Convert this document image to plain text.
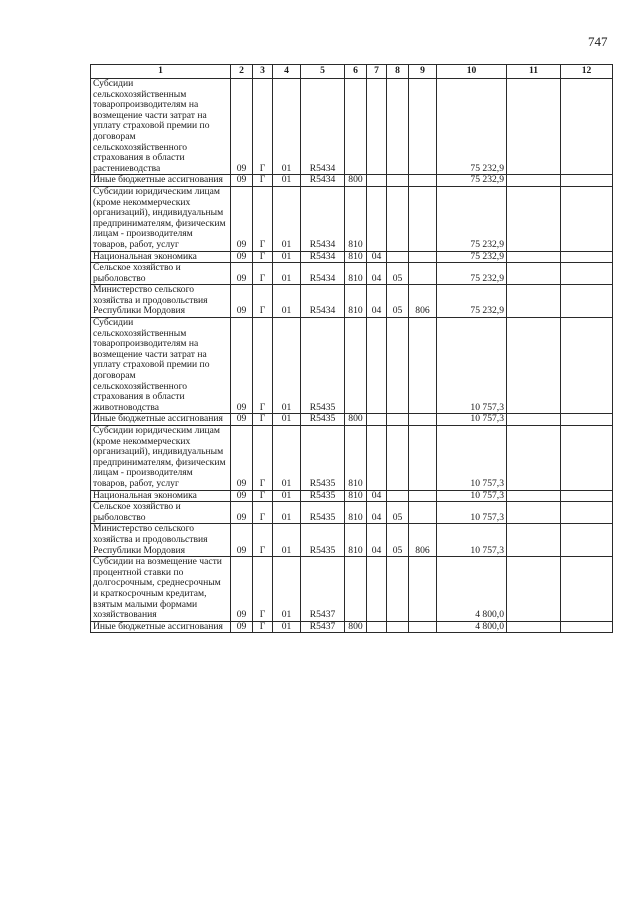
747
1	2	3	4	5	6	7	8	9	10	11	12
Субсидии сельскохозяйственным товаропроизводителям на возмещение части затрат на уплату страховой премии по договорам сельскохозяйственного страхования в области растениеводства	09	Г	01	R5434					75 232,9		
Иные бюджетные ассигнования	09	Г	01	R5434	800				75 232,9		
Субсидии юридическим лицам (кроме некоммерческих организаций), индивидуальным предпринимателям, физическим лицам - производителям товаров, работ, услуг	09	Г	01	R5434	810				75 232,9		
Национальная экономика	09	Г	01	R5434	810	04			75 232,9		
Сельское хозяйство и рыболовство	09	Г	01	R5434	810	04	05		75 232,9		
Министерство сельского хозяйства и продовольствия Республики Мордовия	09	Г	01	R5434	810	04	05	806	75 232,9		
Субсидии сельскохозяйственным товаропроизводителям на возмещение части затрат на уплату страховой премии по договорам сельскохозяйственного страхования в области животноводства	09	Г	01	R5435					10 757,3		
Иные бюджетные ассигнования	09	Г	01	R5435	800				10 757,3		
Субсидии юридическим лицам (кроме некоммерческих организаций), индивидуальным предпринимателям, физическим лицам - производителям товаров, работ, услуг	09	Г	01	R5435	810				10 757,3		
Национальная экономика	09	Г	01	R5435	810	04			10 757,3		
Сельское хозяйство и рыболовство	09	Г	01	R5435	810	04	05		10 757,3		
Министерство сельского хозяйства и продовольствия Республики Мордовия	09	Г	01	R5435	810	04	05	806	10 757,3		
Субсидии на возмещение части процентной ставки по долгосрочным, среднесрочным и краткосрочным кредитам, взятым малыми формами хозяйствования	09	Г	01	R5437					4 800,0		
Иные бюджетные ассигнования	09	Г	01	R5437	800				4 800,0		
